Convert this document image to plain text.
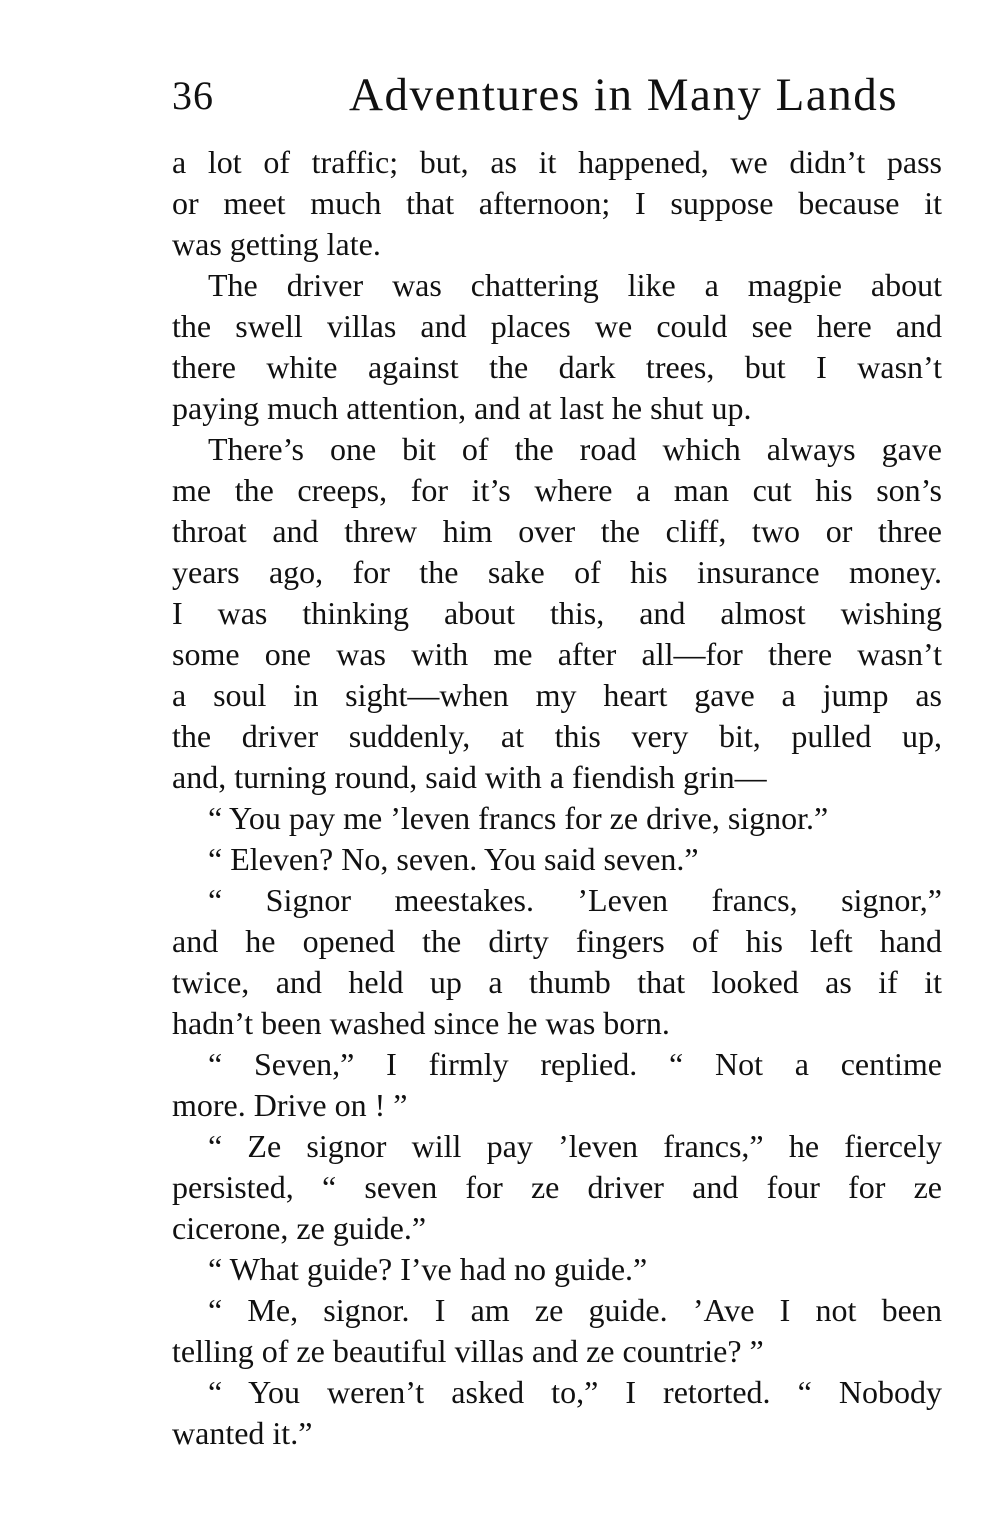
36	Adventures in Many Lands
a lot of traffic; but, as it happened, we didn’t pass
or meet much that afternoon; I suppose because it
was getting late.
The driver was chattering like a magpie about
the swell villas and places we could see here and
there white against the dark trees, but I wasn’t
paying much attention, and at last he shut up.
There’s one bit of the road which always gave
me the creeps, for it’s where a man cut his son’s
throat and threw him over the cliff, two or three
years ago, for the sake of his insurance money.
I was thinking about this, and almost wishing
some one was with me after all—for there wasn’t
a soul in sight—when my heart gave a jump as
the driver suddenly, at this very bit, pulled up,
and, turning round, said with a fiendish grin—
“ You pay me ’leven francs for ze drive, signor.”
“ Eleven? No, seven. You said seven.”
“ Signor meestakes. ’Leven francs, signor,”
and he opened the dirty fingers of his left hand
twice, and held up a thumb that looked as if it
hadn’t been washed since he was born.
“ Seven,” I firmly replied. “ Not a centime
more. Drive on ! ”
“ Ze signor will pay ’leven francs,” he fiercely
persisted, “ seven for ze driver and four for ze
cicerone, ze guide.”
“ What guide? I’ve had no guide.”
“ Me, signor. I am ze guide. ’Ave I not been
telling of ze beautiful villas and ze countrie? ”
“ You weren’t asked to,” I retorted. “ Nobody
wanted it.”
